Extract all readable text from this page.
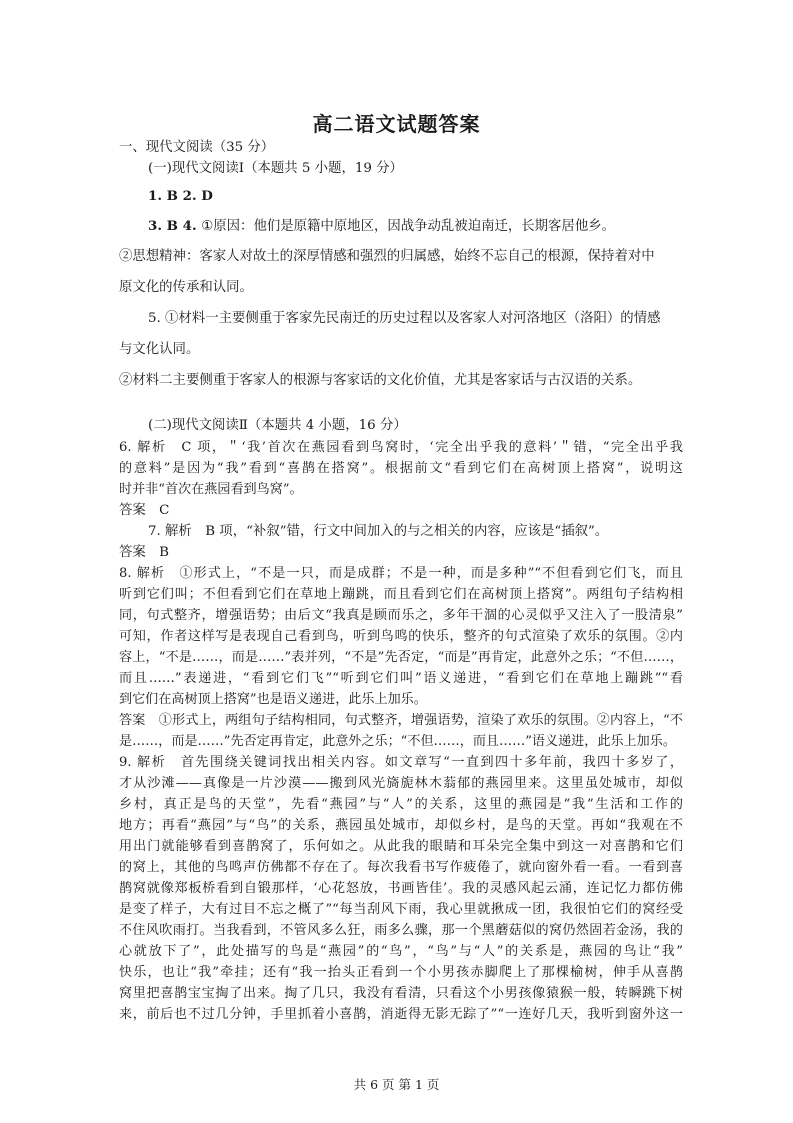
高二语文试题答案
一、现代文阅读（35 分）
(一)现代文阅读Ⅰ（本题共 5 小题，19 分）
1. B 2. D
3. B 4. ①原因：他们是原籍中原地区，因战争动乱被迫南迁，长期客居他乡。
②思想精神：客家人对故土的深厚情感和强烈的归属感，始终不忘自己的根源，保持着对中
原文化的传承和认同。
5. ①材料一主要侧重于客家先民南迁的历史过程以及客家人对河洛地区（洛阳）的情感
与文化认同。
②材料二主要侧重于客家人的根源与客家话的文化价值，尤其是客家话与古汉语的关系。
(二)现代文阅读Ⅱ（本题共 4 小题，16 分）
6. 解析　C 项，＂‘我’首次在燕园看到鸟窝时，‘完全出乎我的意料’＂错，“完全出乎我
的意料”是因为“我”看到“喜鹊在搭窝”。根据前文“看到它们在高树顶上搭窝”，说明这
时并非“首次在燕园看到鸟窝”。
答案　C
7. 解析　B 项，“补叙”错，行文中间加入的与之相关的内容，应该是“插叙”。
答案　B
8. 解析　①形式上，“不是一只，而是成群；不是一种，而是多种”“不但看到它们飞，而且
听到它们叫；不但看到它们在草地上蹦跳，而且看到它们在高树顶上搭窝”。两组句子结构相
同，句式整齐，增强语势；由后文“我真是顾而乐之，多年干涸的心灵似乎又注入了一股清泉”
可知，作者这样写是表现自己看到鸟，听到鸟鸣的快乐，整齐的句式渲染了欢乐的氛围。②内
容上，“不是……，而是……”表并列，“不是”先否定，“而是”再肯定，此意外之乐；“不但……，
而且……”表递进，“看到它们飞”“听到它们叫”语义递进，“看到它们在草地上蹦跳”“看
到它们在高树顶上搭窝”也是语义递进，此乐上加乐。
答案　①形式上，两组句子结构相同，句式整齐，增强语势，渲染了欢乐的氛围。②内容上，“不
是……，而是……”先否定再肯定，此意外之乐；“不但……，而且……”语义递进，此乐上加乐。
9. 解析　首先围绕关键词找出相关内容。如文章写“一直到四十多年前，我四十多岁了，
才从沙滩——真像是一片沙漠——搬到风光旖旎林木蓊郁的燕园里来。这里虽处城市，却似
乡村，真正是鸟的天堂”，先看“燕园”与“人”的关系，这里的燕园是“我”生活和工作的
地方；再看“燕园”与“鸟”的关系，燕园虽处城市，却似乡村，是鸟的天堂。再如“我观在不
用出门就能够看到喜鹊窝了，乐何如之。从此我的眼睛和耳朵完全集中到这一对喜鹊和它们
的窝上，其他的鸟鸣声仿佛都不存在了。每次我看书写作疲倦了，就向窗外看一看。一看到喜
鹊窝就像郑板桥看到自锻那样，‘心花怒放，书画皆佳’。我的灵感风起云涌，连记忆力都仿佛
是变了样子，大有过目不忘之概了”“每当刮风下雨，我心里就揪成一团，我很怕它们的窝经受
不住风吹雨打。当我看到，不管风多么狂，雨多么骤，那一个黑蘑菇似的窝仍然固若金汤，我的
心就放下了”，此处描写的鸟是“燕园”的“鸟”，“鸟”与“人”的关系是，燕园的鸟让“我”
快乐，也让“我”牵挂；还有“我一抬头正看到一个小男孩赤脚爬上了那棵榆树，伸手从喜鹊
窝里把喜鹊宝宝掏了出来。掏了几只，我没有看清，只看这个小男孩像猿猴一般，转瞬跳下树
来，前后也不过几分钟，手里抓着小喜鹊，消逝得无影无踪了”“一连好几天，我听到窗外这一
共 6 页 第 1 页
